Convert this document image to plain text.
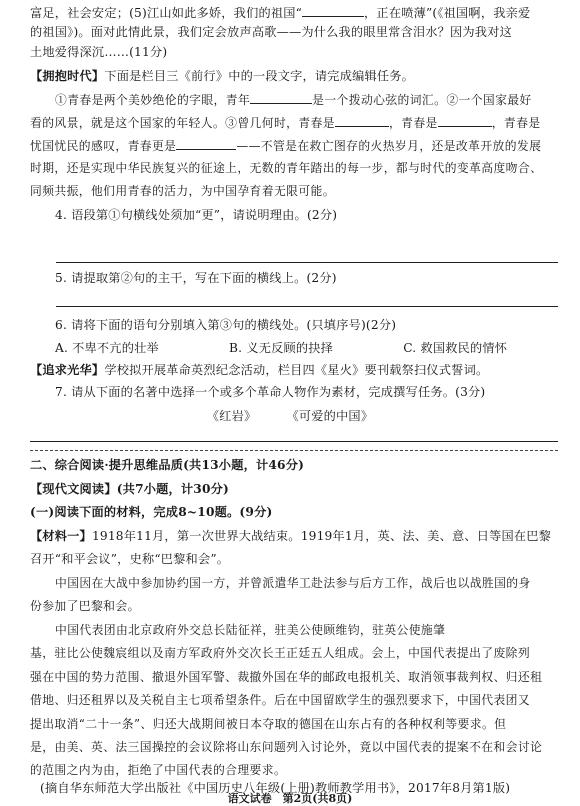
富足，社会安定；(5)江山如此多娇，我们的祖国“	，正在喷薄”(《祖国啊，我亲爱
的祖国》)。面对此情此景，我们定会放声高歌——为什么我的眼里常含泪水？因为我对这
土地爱得深沉……(11分)
【拥抱时代】下面是栏目三《前行》中的一段文字，请完成编辑任务。
①青春是两个美妙绝伦的字眼，青年	是一个拨动心弦的词汇。②一个国家最好
看的风景，就是这个国家的年轻人。③曾几何时，青春是	，青春是	，青春是
忧国忧民的感叹，青春更是	——不管是在救亡图存的火热岁月，还是改革开放的发展
时期，还是实现中华民族复兴的征途上，无数的青年踏出的每一步，都与时代的变革高度吻合、
同频共振，他们用青春的活力，为中国孕育着无限可能。
4. 语段第①句横线处须加“更”，请说明理由。(2分)
5. 请提取第②句的主干，写在下面的横线上。(2分)
6. 请将下面的语句分别填入第③句的横线处。(只填序号)(2分)
A. 不卑不亢的壮举	B. 义无反顾的抉择	C. 救国救民的情怀
【追求光华】学校拟开展革命英烈纪念活动，栏目四《星火》要刊载祭扫仪式誓词。
7. 请从下面的名著中选择一个或多个革命人物作为素材，完成撰写任务。(3分)
《红岩》 《可爱的中国》
二、综合阅读·提升思维品质(共13小题，计46分)
【现代文阅读】(共7小题，计30分)
(一)阅读下面的材料，完成8~10题。(9分)
【材料一】1918年11月，第一次世界大战结束。1919年1月，英、法、美、意、日等国在巴黎
召开“和平会议”，史称“巴黎和会”。
中国因在大战中参加协约国一方，并曾派遣华工赴法参与后方工作，战后也以战胜国的身
份参加了巴黎和会。
中国代表团由北京政府外交总长陆征祥，驻美公使顾维钧，驻英公使施肇
基，驻比公使魏宸组以及南方军政府外交次长王正廷五人组成。会上，中国代表提出了废除列
强在中国的势力范围、撤退外国军警、裁撤外国在华的邮政电报机关、取消领事裁判权、归还租
借地、归还租界以及关税自主七项希望条件。后在中国留欧学生的强烈要求下，中国代表团又
提出取消“二十一条”、归还大战期间被日本夺取的德国在山东占有的各种权利等要求。但
是，由美、英、法三国操控的会议除将山东问题列入讨论外，竟以中国代表的提案不在和会讨论
的范围之内为由，拒绝了中国代表的合理要求。
(摘自华东师范大学出版社《中国历史八年级(上册)教师教学用书》，2017年8月第1版)
语文试卷　第2页(共8页)
